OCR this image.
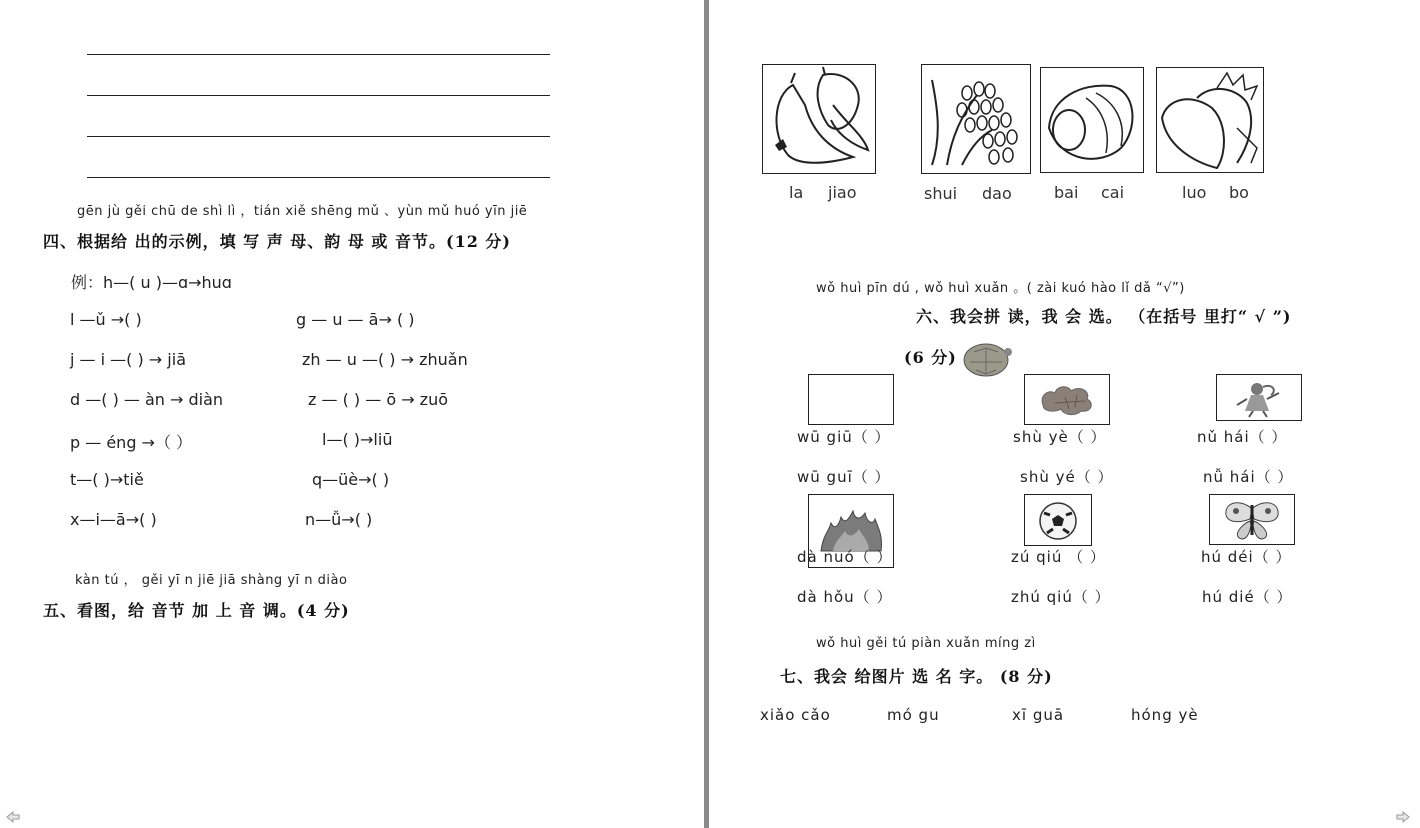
gēn jù gěi chū de shì lì ，tián xiě shēng mǔ 、yùn mǔ huó yīn jiē
四、根据给 出的示例，填 写 声 母、韵 母 或 音节。(12 分)
例：h—( u )—ɑ→huɑ
l —ǔ →( )	g — u — ā→ ( )
j — i —( ) → jiā	zh — u —( ) → zhuǎn
d —( ) — àn → diàn	z — ( ) — ō → zuō
p — éng →（ ）	l—( )→liū
t—( )→tiě	q—üè→( )
x—i—ā→( )	n—ǚ→( )
kàn tú ， gěi yī n jiē jiā shàng yī n diào
五、看图，给 音节 加 上 音 调。(4 分)
la jiao	shui dao	bai cai	luo bo
wǒ huì pīn dú , wǒ huì xuǎn 。( zài kuó hào lǐ dǎ “√”)
六、我会拼 读，我 会 选。 （在括号 里打“ √ ”)
(6 分)
wū giū（ ）	shù yè（ ）	nǔ hái（ ）
wū guī（ ）	shù yé（ ）	nǚ hái（ ）
dà nuó（ ）	zú qiú （ ）	hú déi（ ）
dà hǒu（ ）	zhú qiú（ ）	hú dié（ ）
wǒ huì gěi tú piàn xuǎn míng zì
七、我会 给图片 选 名 字。 (8 分)
xiǎo cǎo	mó gu	xī guā	hóng yè
